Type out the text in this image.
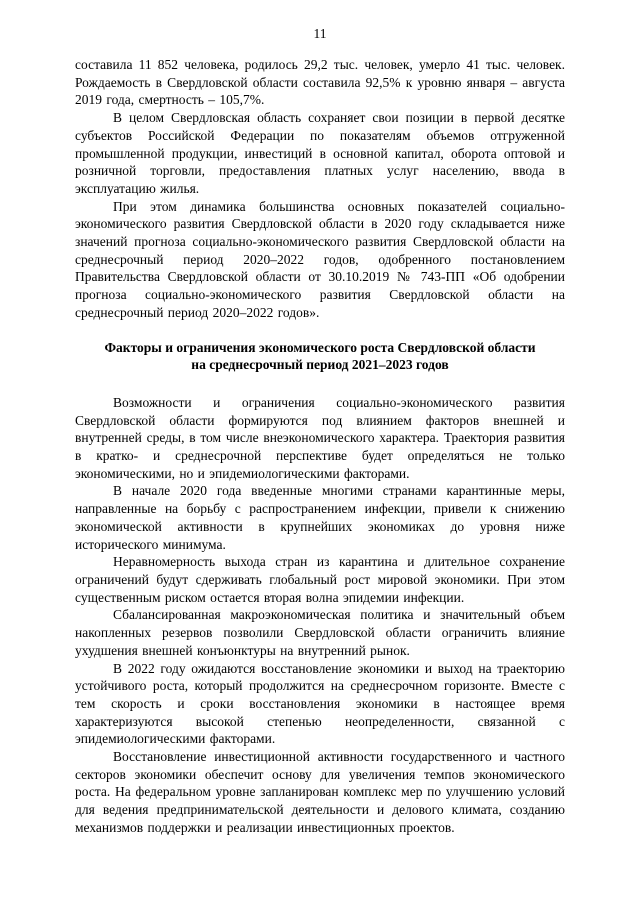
11

составила 11 852 человека, родилось 29,2 тыс. человек, умерло 41 тыс. человек. Рождаемость в Свердловской области составила 92,5% к уровню января – августа 2019 года, смертность – 105,7%.

В целом Свердловская область сохраняет свои позиции в первой десятке субъектов Российской Федерации по показателям объемов отгруженной промышленной продукции, инвестиций в основной капитал, оборота оптовой и розничной торговли, предоставления платных услуг населению, ввода в эксплуатацию жилья.

При этом динамика большинства основных показателей социально-экономического развития Свердловской области в 2020 году складывается ниже значений прогноза социально-экономического развития Свердловской области на среднесрочный период 2020–2022 годов, одобренного постановлением Правительства Свердловской области от 30.10.2019 № 743-ПП «Об одобрении прогноза социально-экономического развития Свердловской области на среднесрочный период 2020–2022 годов».

Факторы и ограничения экономического роста Свердловской области
на среднесрочный период 2021–2023 годов

Возможности и ограничения социально-экономического развития Свердловской области формируются под влиянием факторов внешней и внутренней среды, в том числе внеэкономического характера. Траектория развития в кратко- и среднесрочной перспективе будет определяться не только экономическими, но и эпидемиологическими факторами.

В начале 2020 года введенные многими странами карантинные меры, направленные на борьбу с распространением инфекции, привели к снижению экономической активности в крупнейших экономиках до уровня ниже исторического минимума.

Неравномерность выхода стран из карантина и длительное сохранение ограничений будут сдерживать глобальный рост мировой экономики. При этом существенным риском остается вторая волна эпидемии инфекции.

Сбалансированная макроэкономическая политика и значительный объем накопленных резервов позволили Свердловской области ограничить влияние ухудшения внешней конъюнктуры на внутренний рынок.

В 2022 году ожидаются восстановление экономики и выход на траекторию устойчивого роста, который продолжится на среднесрочном горизонте. Вместе с тем скорость и сроки восстановления экономики в настоящее время характеризуются высокой степенью неопределенности, связанной с эпидемиологическими факторами.

Восстановление инвестиционной активности государственного и частного секторов экономики обеспечит основу для увеличения темпов экономического роста. На федеральном уровне запланирован комплекс мер по улучшению условий для ведения предпринимательской деятельности и делового климата, созданию механизмов поддержки и реализации инвестиционных проектов.
